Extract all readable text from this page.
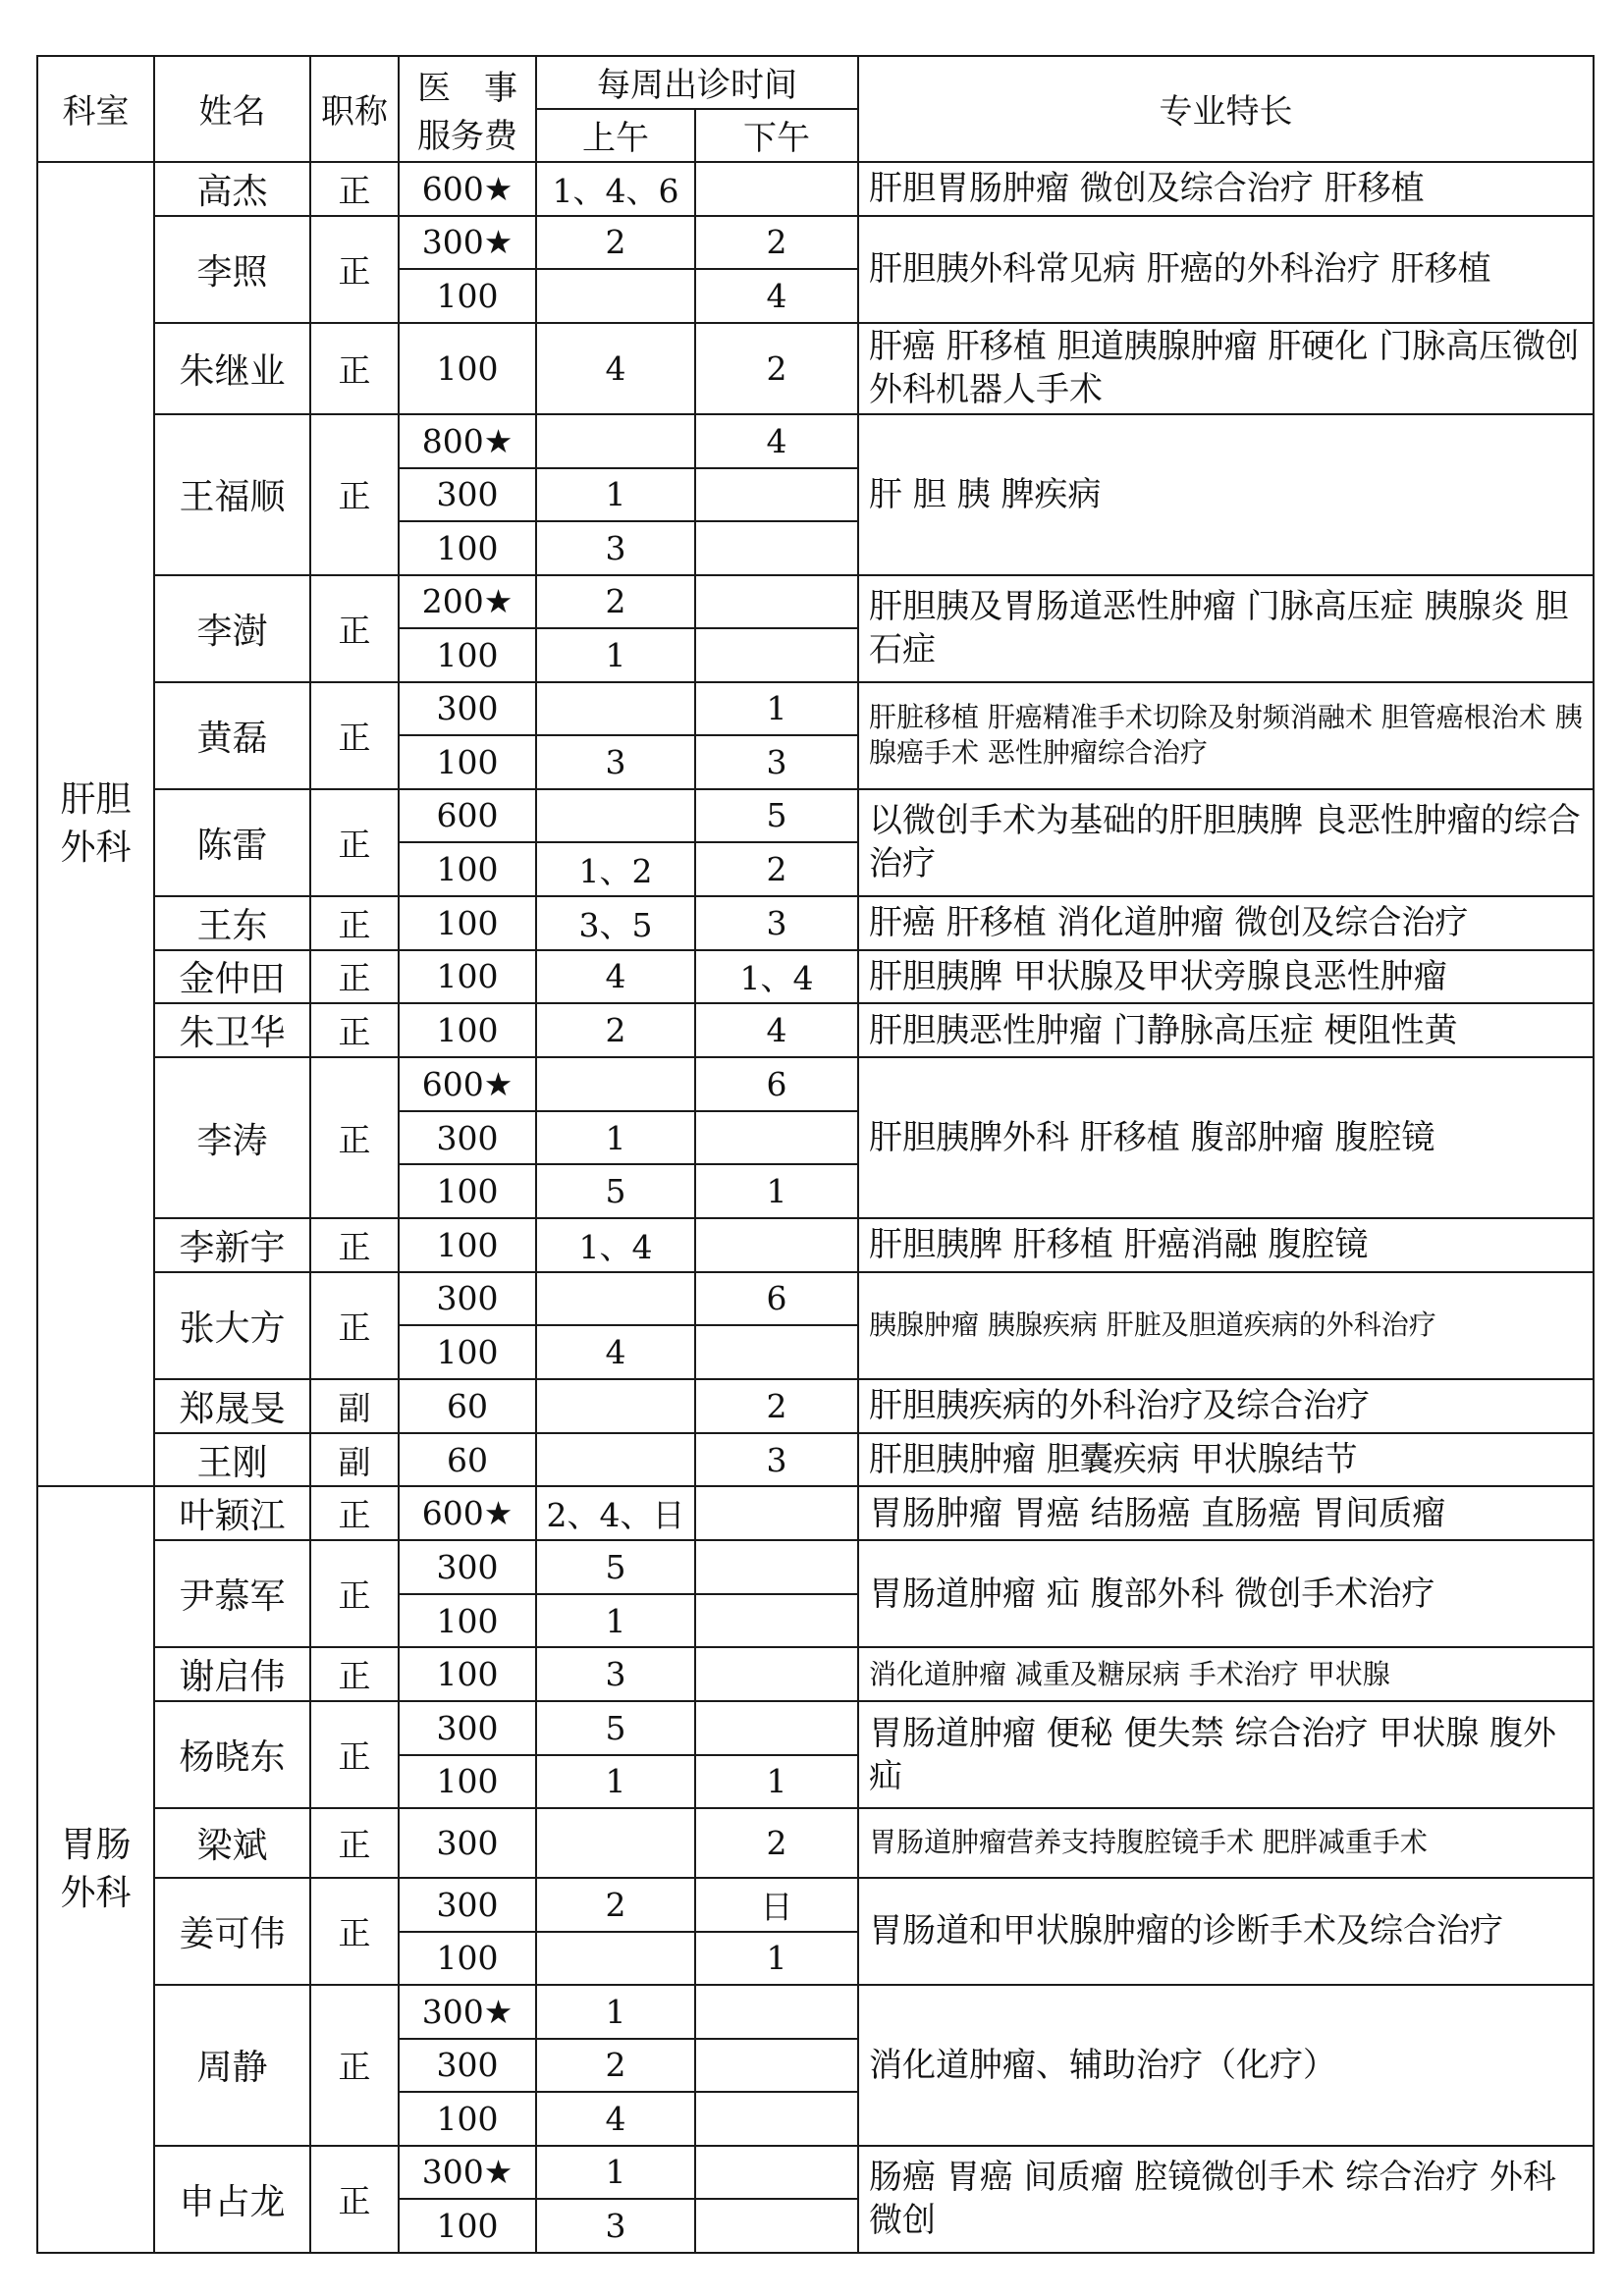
科室	姓名	职称	医　事
服务费	每周出诊时间		专业特长
				上午	下午	

肝胆
外科	高杰	正	600★	1、4、6		肝胆胃肠肿瘤 微创及综合治疗 肝移植
	李照	正	300★	2	2	肝胆胰外科常见病 肝癌的外科治疗 肝移植
			100		4	
	朱继业	正	100	4	2	肝癌 肝移植 胆道胰腺肿瘤 肝硬化 门脉高压微创外科机器人手术
	王福顺	正	800★		4	肝 胆 胰 脾疾病
			300	1		
			100	3		
	李澍	正	200★	2		肝胆胰及胃肠道恶性肿瘤 门脉高压症 胰腺炎 胆石症
			100	1		
	黄磊	正	300		1	肝脏移植 肝癌精准手术切除及射频消融术 胆管癌根治术 胰腺癌手术 恶性肿瘤综合治疗
			100	3	3	
	陈雷	正	600		5	以微创手术为基础的肝胆胰脾 良恶性肿瘤的综合治疗
			100	1、2	2	
	王东	正	100	3、5	3	肝癌 肝移植 消化道肿瘤 微创及综合治疗
	金仲田	正	100	4	1、4	肝胆胰脾 甲状腺及甲状旁腺良恶性肿瘤
	朱卫华	正	100	2	4	肝胆胰恶性肿瘤 门静脉高压症 梗阻性黄
	李涛	正	600★		6	肝胆胰脾外科 肝移植 腹部肿瘤 腹腔镜
			300	1		
			100	5	1	
	李新宇	正	100	1、4		肝胆胰脾 肝移植 肝癌消融 腹腔镜
	张大方	正	300		6	胰腺肿瘤 胰腺疾病 肝脏及胆道疾病的外科治疗
			100	4		
	郑晟旻	副	60		2	肝胆胰疾病的外科治疗及综合治疗
	王刚	副	60		3	肝胆胰肿瘤 胆囊疾病 甲状腺结节

胃肠
外科	叶颖江	正	600★	2、4、日		胃肠肿瘤 胃癌 结肠癌 直肠癌 胃间质瘤
	尹慕军	正	300	5		胃肠道肿瘤 疝 腹部外科 微创手术治疗
			100	1		
	谢启伟	正	100	3		消化道肿瘤 减重及糖尿病 手术治疗 甲状腺
	杨晓东	正	300	5		胃肠道肿瘤 便秘 便失禁 综合治疗 甲状腺 腹外疝
			100	1	1	
	梁斌	正	300		2	胃肠道肿瘤营养支持腹腔镜手术 肥胖减重手术
	姜可伟	正	300	2	日	胃肠道和甲状腺肿瘤的诊断手术及综合治疗
			100		1	
	周静	正	300★	1		消化道肿瘤、辅助治疗（化疗）
			300	2		
			100	4		
	申占龙	正	300★	1		肠癌 胃癌 间质瘤 腔镜微创手术 综合治疗 外科微创
			100	3		
